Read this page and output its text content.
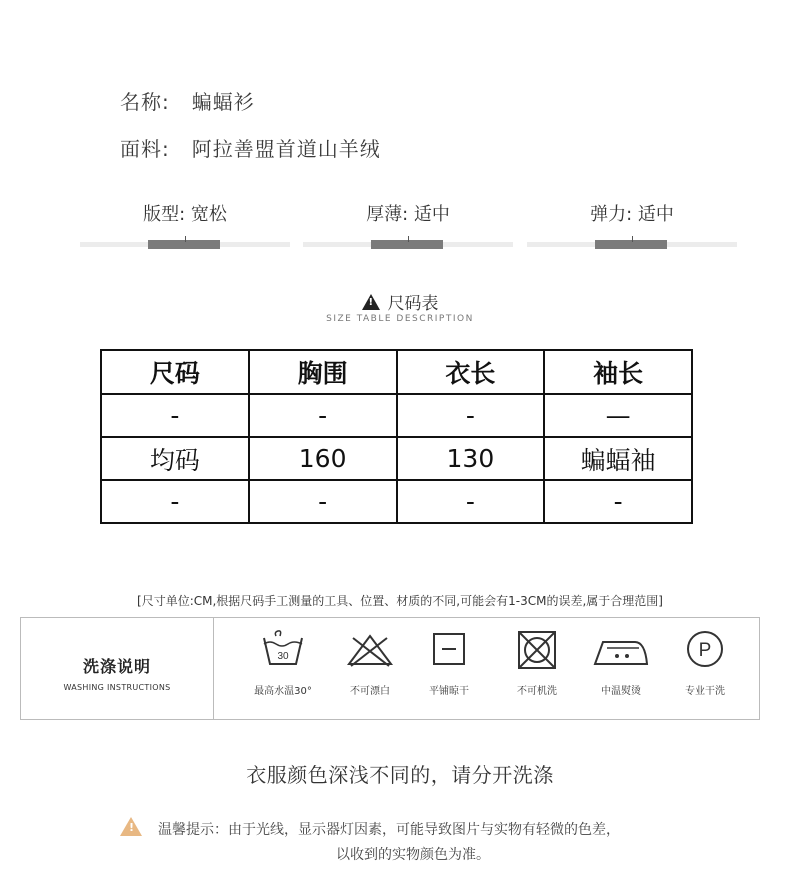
名称: 蝙蝠衫
面料: 阿拉善盟首道山羊绒
版型: 宽松	厚薄: 适中	弹力: 适中
!
尺码表
SIZE TABLE DESCRIPTION
尺码	胸围	衣长	袖长
-	-	-	—
均码	160	130	蝙蝠袖
-	-	-	-
[尺寸单位:CM,根据尺码手工测量的工具、位置、材质的不同,可能会有1-3CM的误差,属于合理范围]
洗涤说明
WASHING INSTRUCTIONS
30
最高水温30°	不可漂白	平铺晾干	不可机洗	中温熨烫
P
专业干洗
衣服颜色深浅不同的，请分开洗涤
!
温馨提示：由于光线，显示器灯因素，可能导致图片与实物有轻微的色差，
以收到的实物颜色为准。
